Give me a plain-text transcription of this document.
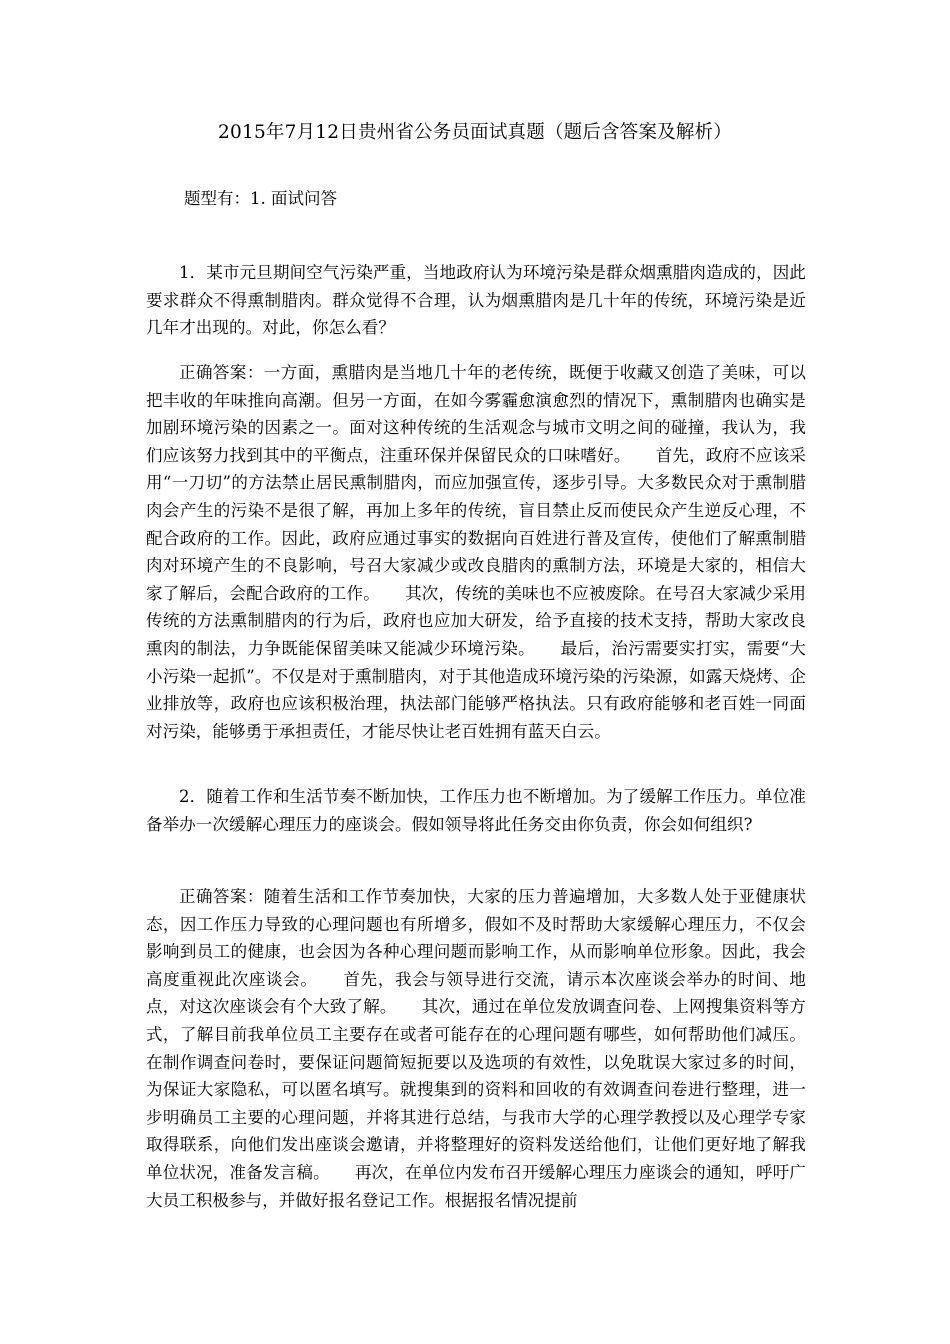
2015年7月12日贵州省公务员面试真题（题后含答案及解析）
题型有：1. 面试问答

1．某市元旦期间空气污染严重，当地政府认为环境污染是群众烟熏腊肉造成的，因此要求群众不得熏制腊肉。群众觉得不合理，认为烟熏腊肉是几十年的传统，环境污染是近几年才出现的。对此，你怎么看？

正确答案：一方面，熏腊肉是当地几十年的老传统，既便于收藏又创造了美味，可以把丰收的年味推向高潮。但另一方面，在如今雾霾愈演愈烈的情况下，熏制腊肉也确实是加剧环境污染的因素之一。面对这种传统的生活观念与城市文明之间的碰撞，我认为，我们应该努力找到其中的平衡点，注重环保并保留民众的口味嗜好。　　首先，政府不应该采用“一刀切”的方法禁止居民熏制腊肉，而应加强宣传，逐步引导。大多数民众对于熏制腊肉会产生的污染不是很了解，再加上多年的传统，盲目禁止反而使民众产生逆反心理，不配合政府的工作。因此，政府应通过事实的数据向百姓进行普及宣传，使他们了解熏制腊肉对环境产生的不良影响，号召大家减少或改良腊肉的熏制方法，环境是大家的，相信大家了解后，会配合政府的工作。　　其次，传统的美味也不应被废除。在号召大家减少采用传统的方法熏制腊肉的行为后，政府也应加大研发，给予直接的技术支持，帮助大家改良熏肉的制法，力争既能保留美味又能减少环境污染。　　最后，治污需要实打实，需要“大小污染一起抓”。不仅是对于熏制腊肉，对于其他造成环境污染的污染源，如露天烧烤、企业排放等，政府也应该积极治理，执法部门能够严格执法。只有政府能够和老百姓一同面对污染，能够勇于承担责任，才能尽快让老百姓拥有蓝天白云。

2．随着工作和生活节奏不断加快，工作压力也不断增加。为了缓解工作压力。单位准备举办一次缓解心理压力的座谈会。假如领导将此任务交由你负责，你会如何组织?

正确答案：随着生活和工作节奏加快，大家的压力普遍增加，大多数人处于亚健康状态，因工作压力导致的心理问题也有所增多，假如不及时帮助大家缓解心理压力，不仅会影响到员工的健康，也会因为各种心理问题而影响工作，从而影响单位形象。因此，我会高度重视此次座谈会。　　首先，我会与领导进行交流，请示本次座谈会举办的时间、地点，对这次座谈会有个大致了解。　　其次，通过在单位发放调查问卷、上网搜集资料等方式，了解目前我单位员工主要存在或者可能存在的心理问题有哪些，如何帮助他们减压。在制作调查问卷时，要保证问题简短扼要以及选项的有效性，以免耽误大家过多的时间，为保证大家隐私，可以匿名填写。就搜集到的资料和回收的有效调查问卷进行整理，进一步明确员工主要的心理问题，并将其进行总结，与我市大学的心理学教授以及心理学专家取得联系，向他们发出座谈会邀请，并将整理好的资料发送给他们，让他们更好地了解我单位状况，准备发言稿。　　再次，在单位内发布召开缓解心理压力座谈会的通知，呼吁广大员工积极参与，并做好报名登记工作。根据报名情况提前
